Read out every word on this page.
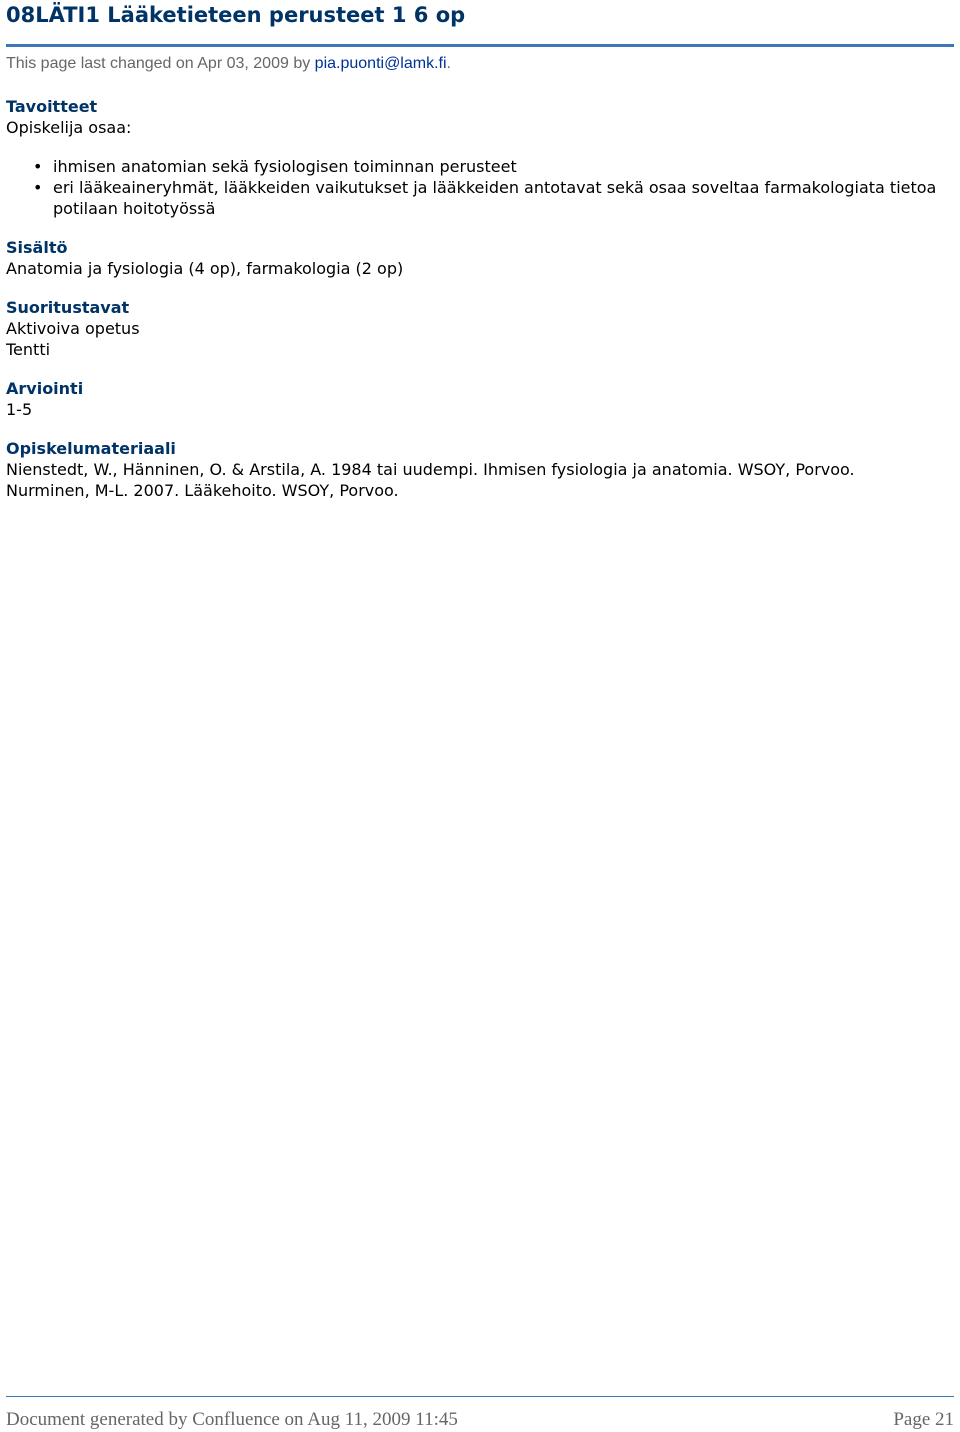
08LÄTI1 Lääketieteen perusteet 1 6 op
This page last changed on Apr 03, 2009 by pia.puonti@lamk.fi.
Tavoitteet
Opiskelija osaa:
• ihmisen anatomian sekä fysiologisen toiminnan perusteet
• eri lääkeaineryhmät, lääkkeiden vaikutukset ja lääkkeiden antotavat sekä osaa soveltaa farmakologiata tietoa potilaan hoitotyössä
Sisältö
Anatomia ja fysiologia (4 op), farmakologia (2 op)
Suoritustavat
Aktivoiva opetus
Tentti
Arviointi
1-5
Opiskelumateriaali
Nienstedt, W., Hänninen, O. & Arstila, A. 1984 tai uudempi. Ihmisen fysiologia ja anatomia. WSOY, Porvoo.
Nurminen, M-L. 2007. Lääkehoito. WSOY, Porvoo.
Document generated by Confluence on Aug 11, 2009 11:45	Page 21
